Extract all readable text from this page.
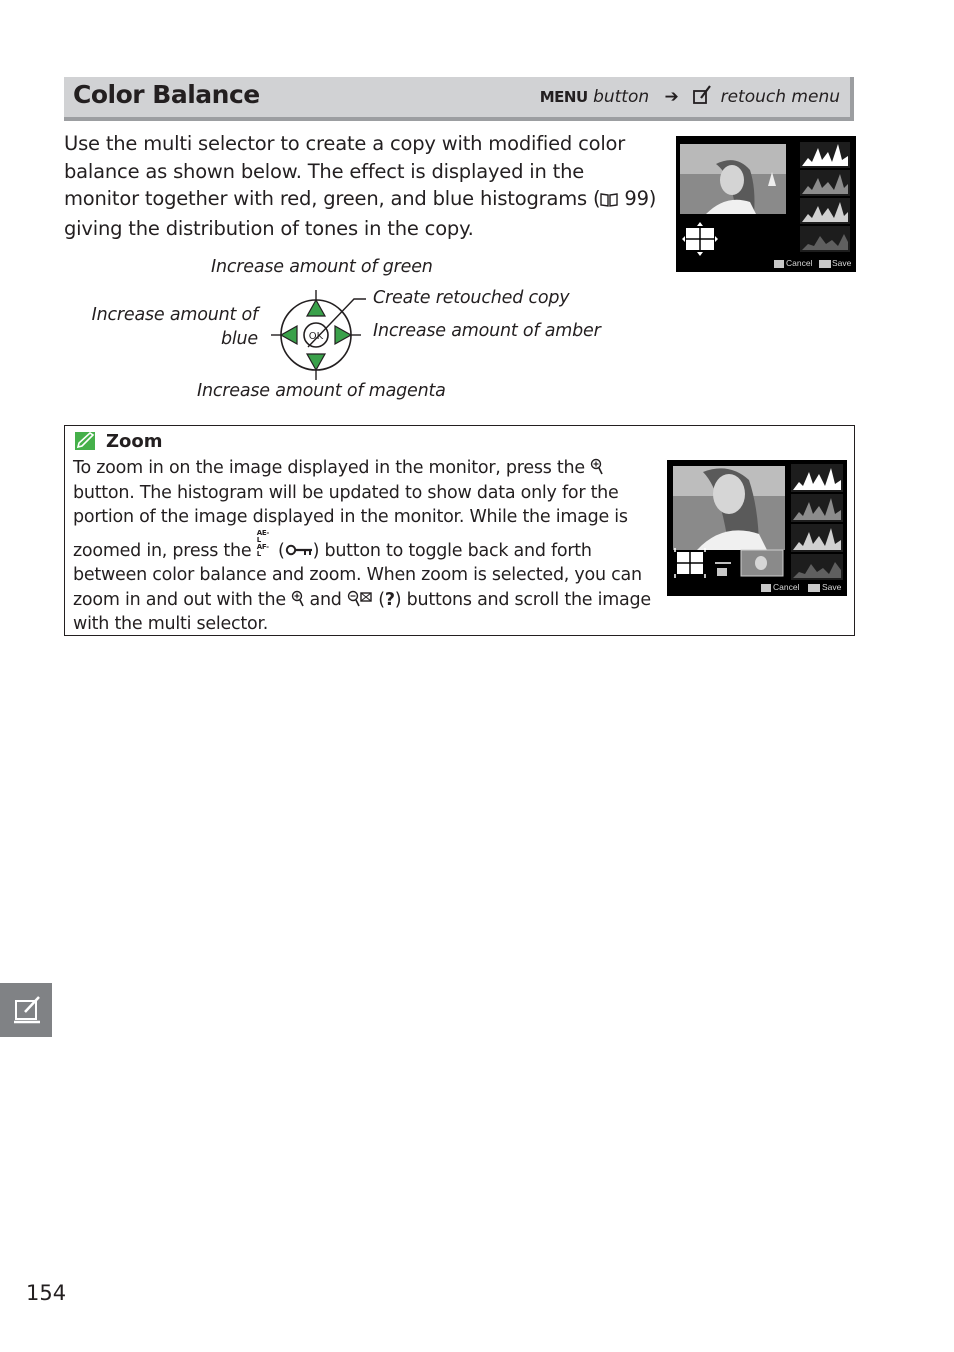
Color Balance	MENU button ➔ retouch menu
Use the multi selector to create a copy with modified color balance as shown below. The effect is displayed in the monitor together with red, green, and blue histograms ( 99) giving the distribution of tones in the copy.
Cancel Save
Increase amount of green
Increase amount of
blue
Create retouched copy
Increase amount of amber
Increase amount of magenta
OK
Zoom
To zoom in on the image displayed in the monitor, press the  button. The histogram will be updated to show data only for the portion of the image displayed in the monitor. While the image is zoomed in, press the AE-L AF-L ( ) button to toggle back and forth between color balance and zoom. When zoom is selected, you can zoom in and out with the  and  (?) buttons and scroll the image with the multi selector.
Cancel	Save
154
